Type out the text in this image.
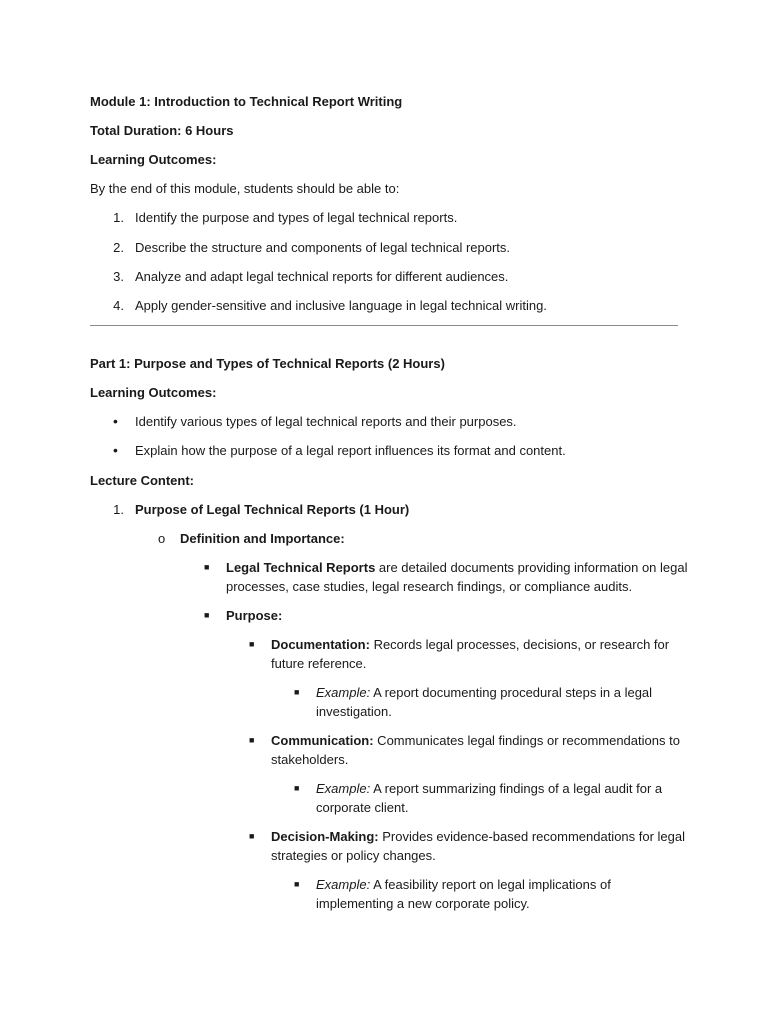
Module 1: Introduction to Technical Report Writing
Total Duration: 6 Hours
Learning Outcomes:
By the end of this module, students should be able to:
1. Identify the purpose and types of legal technical reports.
2. Describe the structure and components of legal technical reports.
3. Analyze and adapt legal technical reports for different audiences.
4. Apply gender-sensitive and inclusive language in legal technical writing.
Part 1: Purpose and Types of Technical Reports (2 Hours)
Learning Outcomes:
• Identify various types of legal technical reports and their purposes.
• Explain how the purpose of a legal report influences its format and content.
Lecture Content:
1. Purpose of Legal Technical Reports (1 Hour)
o Definition and Importance:
■ Legal Technical Reports are detailed documents providing information on legal
processes, case studies, legal research findings, or compliance audits.
■ Purpose:
■ Documentation: Records legal processes, decisions, or research for
future reference.
■ Example: A report documenting procedural steps in a legal
investigation.
■ Communication: Communicates legal findings or recommendations to
stakeholders.
■ Example: A report summarizing findings of a legal audit for a
corporate client.
■ Decision-Making: Provides evidence-based recommendations for legal
strategies or policy changes.
■ Example: A feasibility report on legal implications of
implementing a new corporate policy.
